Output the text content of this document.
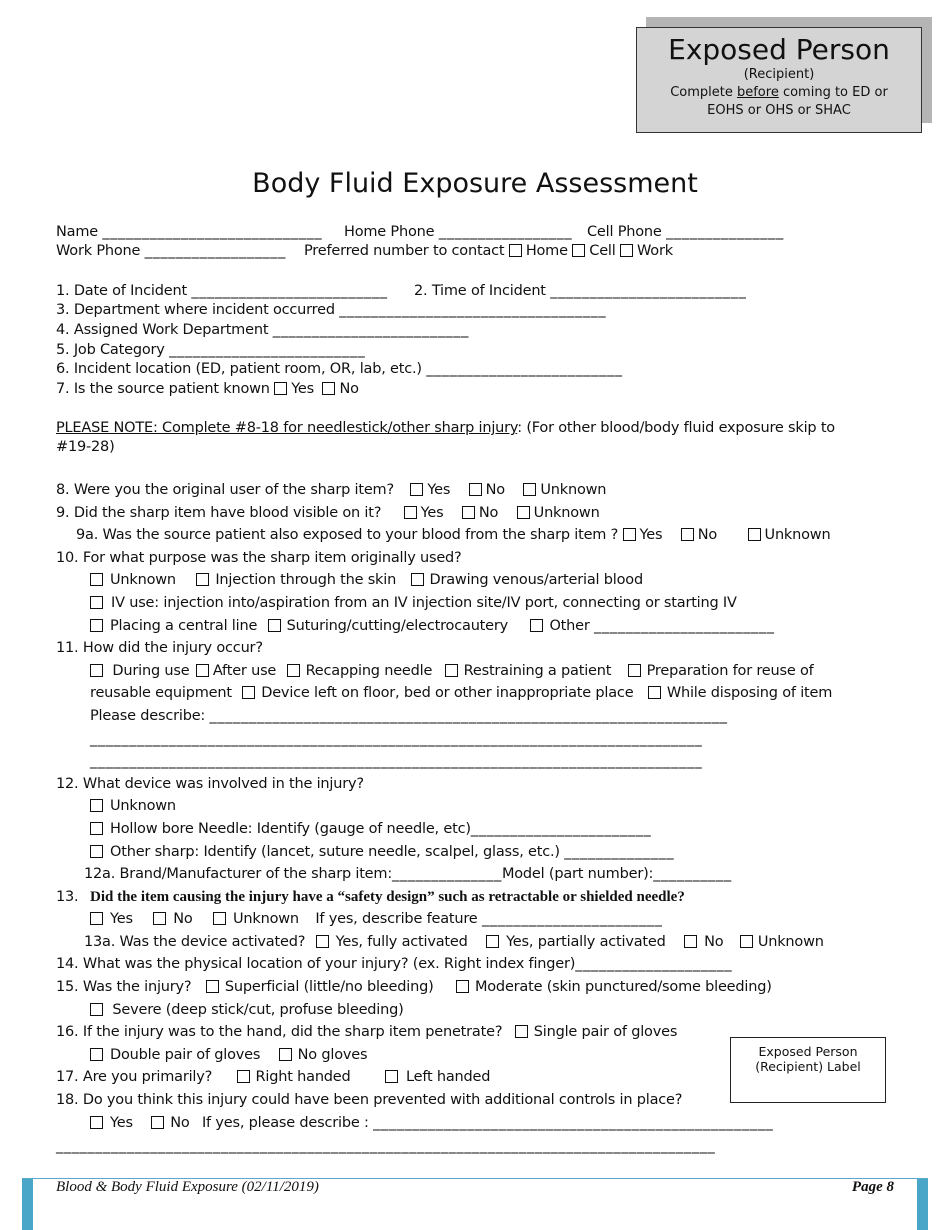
Exposed Person
(Recipient)
Complete before coming to ED or
EOHS or OHS or SHAC
Body Fluid Exposure Assessment
Name ____________________________ Home Phone _________________ Cell Phone _______________
Work Phone __________________ Preferred number to contact Home Cell Work
1. Date of Incident _________________________ 2. Time of Incident _________________________
3. Department where incident occurred __________________________________
4. Assigned Work Department _________________________
5. Job Category _________________________
6. Incident location (ED, patient room, OR, lab, etc.) _________________________
7. Is the source patient known Yes No
PLEASE NOTE: Complete #8-18 for needlestick/other sharp injury: (For other blood/body fluid exposure skip to
#19-28)
8. Were you the original user of the sharp item? Yes No Unknown
9. Did the sharp item have blood visible on it?	Yes No Unknown
9a. Was the source patient also exposed to your blood from the sharp item ? Yes No	Unknown
10. For what purpose was the sharp item originally used?
Unknown	Injection through the skin Drawing venous/arterial blood
IV use: injection into/aspiration from an IV injection site/IV port, connecting or starting IV
Placing a central line Suturing/cutting/electrocautery	Other _______________________
11. How did the injury occur?
During use After use Recapping needle Restraining a patient Preparation for reuse of
reusable equipment Device left on floor, bed or other inappropriate place While disposing of item
Please describe: __________________________________________________________________
______________________________________________________________________________
______________________________________________________________________________
12. What device was involved in the injury?
Unknown
Hollow bore Needle: Identify (gauge of needle, etc)_______________________
Other sharp: Identify (lancet, suture needle, scalpel, glass, etc.) ______________
12a. Brand/Manufacturer of the sharp item:______________Model (part number):__________
13. Did the item causing the injury have a “safety design” such as retractable or shielded needle?
Yes	No	Unknown If yes, describe feature _______________________
13a. Was the device activated? Yes, fully activated	Yes, partially activated	No Unknown
14. What was the physical location of your injury? (ex. Right index finger)____________________
15. Was the injury? Superficial (little/no bleeding)	Moderate (skin punctured/some bleeding)
Severe (deep stick/cut, profuse bleeding)
16. If the injury was to the hand, did the sharp item penetrate? Single pair of gloves
Double pair of gloves	No gloves	Exposed Person
(Recipient) Label
17. Are you primarily?	Right handed	Left handed
18. Do you think this injury could have been prevented with additional controls in place?
Yes	No If yes, please describe : ___________________________________________________
____________________________________________________________________________________
Blood & Body Fluid Exposure (02/11/2019)	Page 8
